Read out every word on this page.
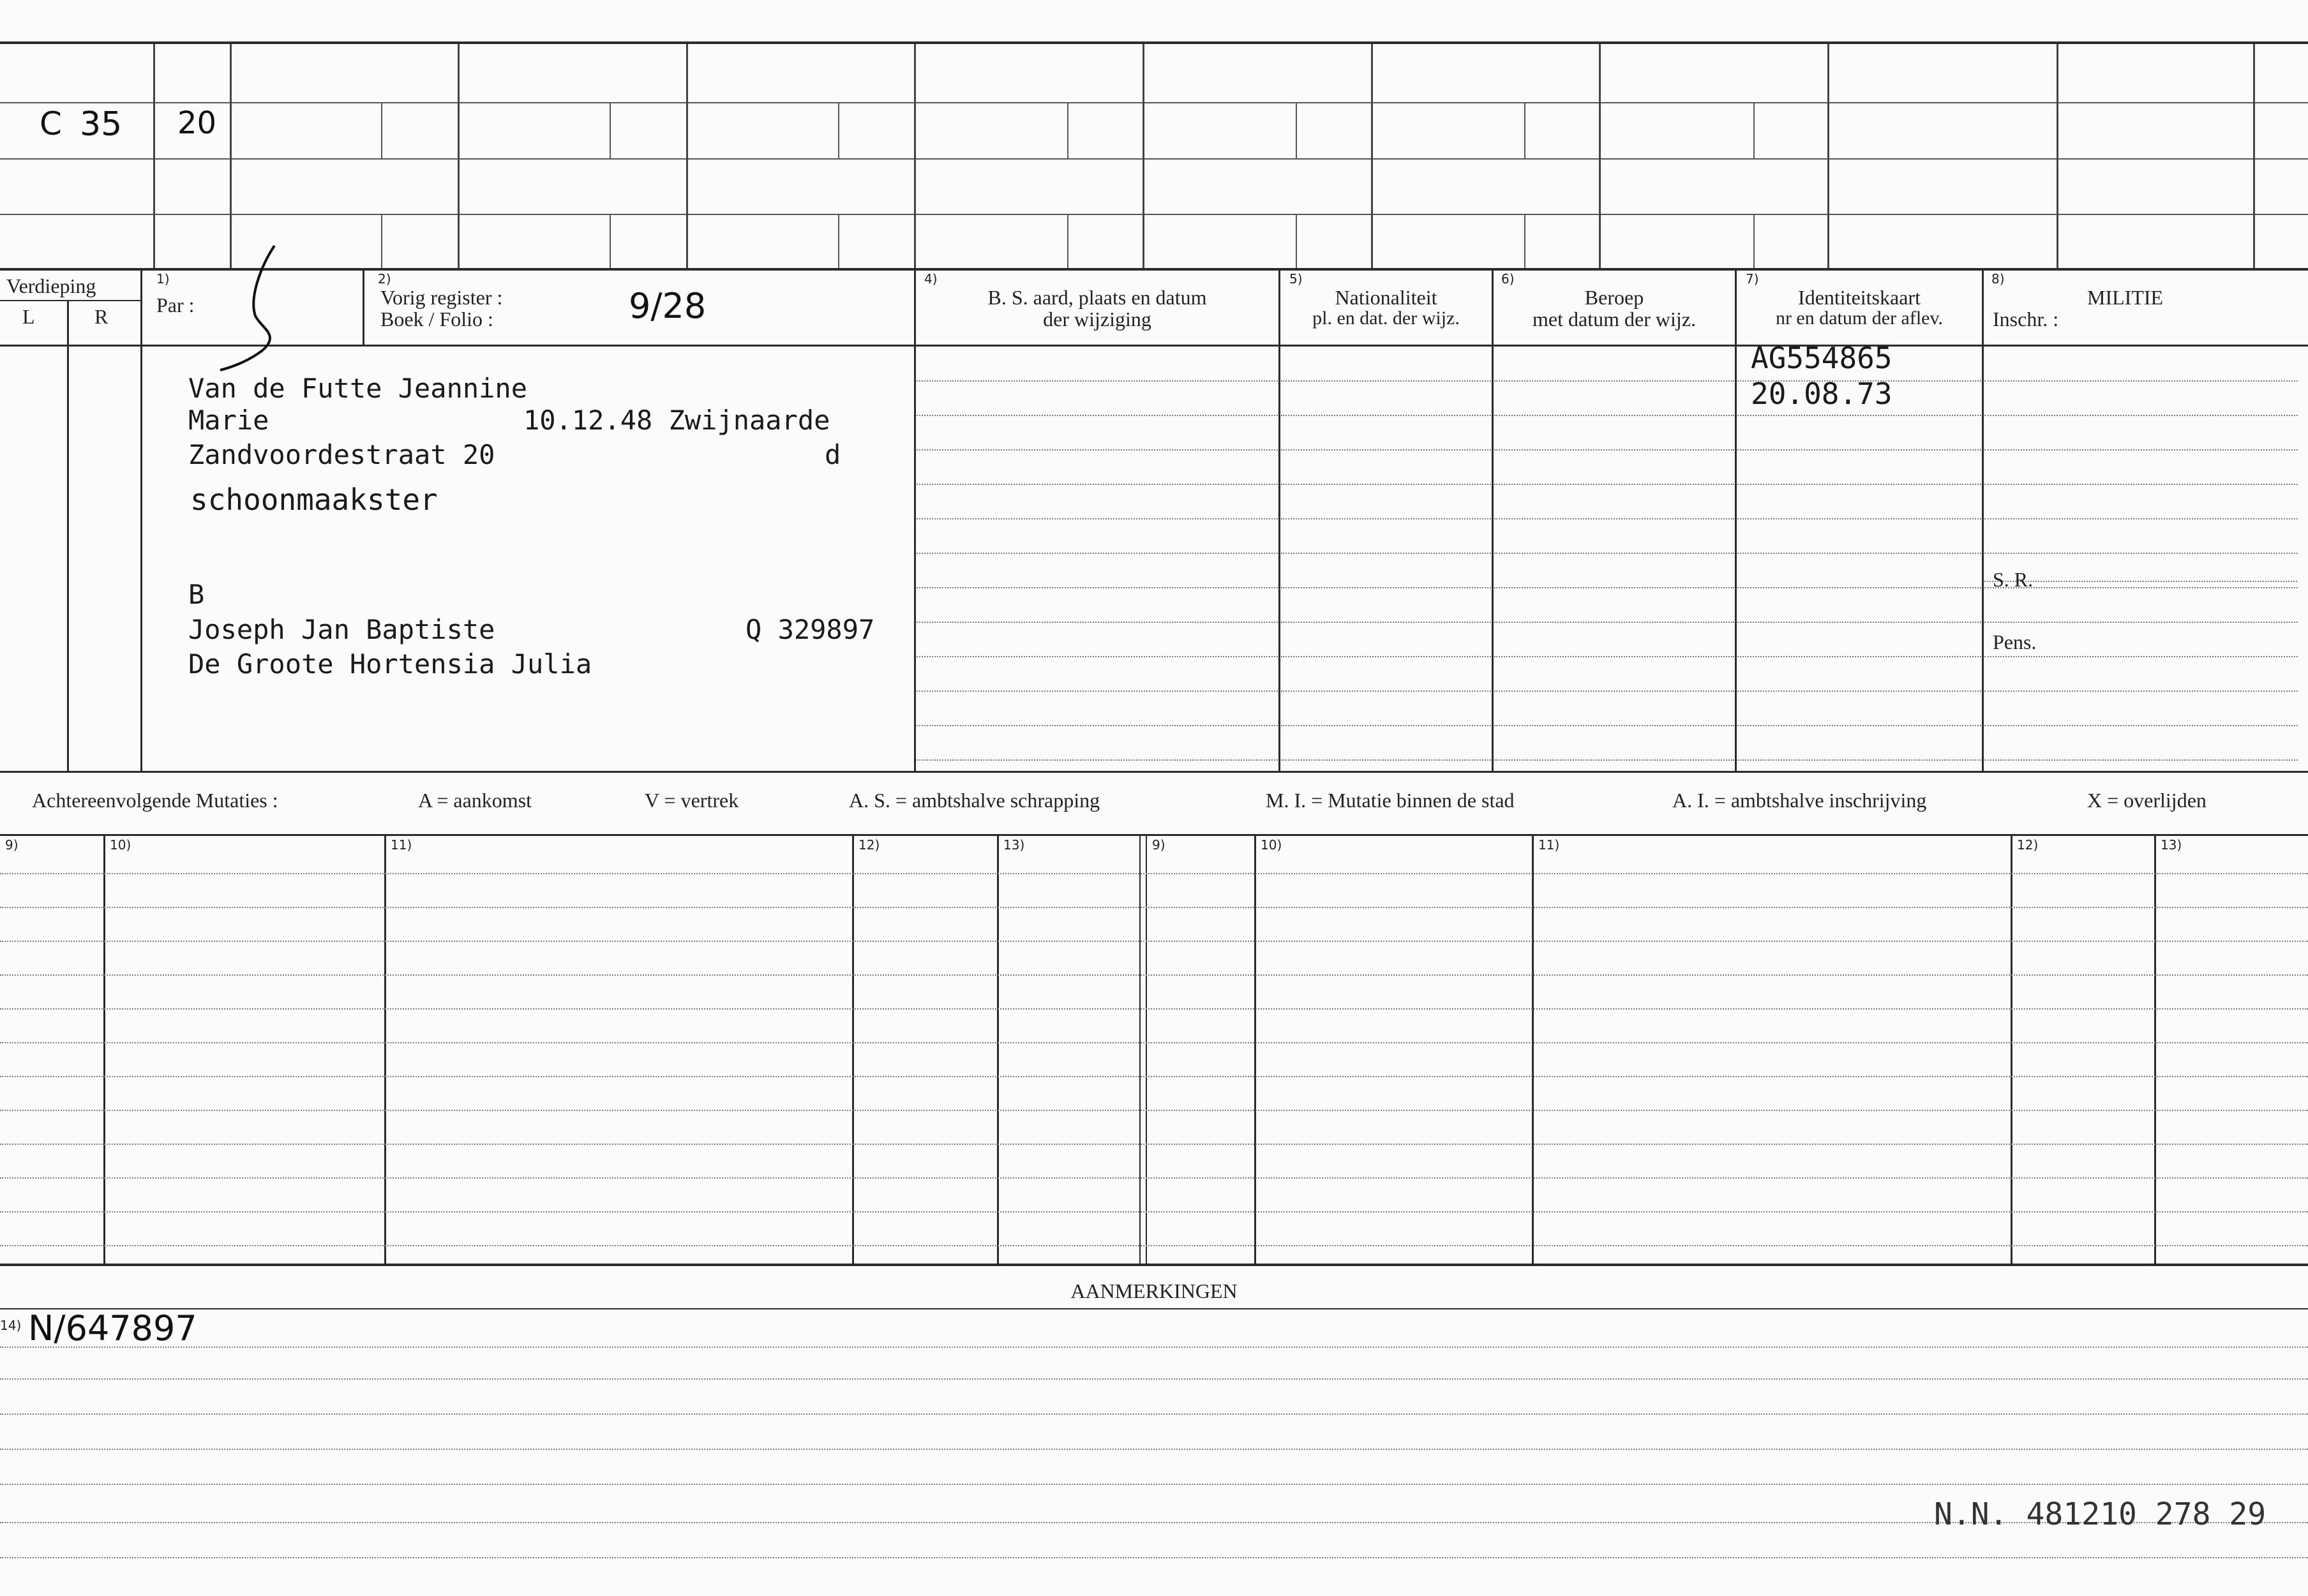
C 35 20
Verdieping
L	R
1)
Par :
2)
Vorig register :
Boek / Folio :	9/28
4)
B. S. aard, plaats en datum
der wijziging
5)
Nationaliteit
pl. en dat. der wijz.
6)
Beroep
met datum der wijz.
7)
Identiteitskaart
nr en datum der aflev.
8)
MILITIE
Inschr. :
Van de Futte Jeannine
Marie	10.12.48 Zwijnaarde
Zandvoordestraat 20	d
schoonmaakster
B
Joseph Jan Baptiste	Q 329897
De Groote Hortensia Julia
AG554865
20.08.73
S. R.
Pens.
Achtereenvolgende Mutaties :	A = aankomst	V = vertrek	A. S. = ambtshalve schrapping	M. I. = Mutatie binnen de stad	A. I. = ambtshalve inschrijving	X = overlijden
9)	10)	11)	12)	13)	9)	10)	11)	12)	13)
AANMERKINGEN
14) N/647897
N.N. 481210 278 29
